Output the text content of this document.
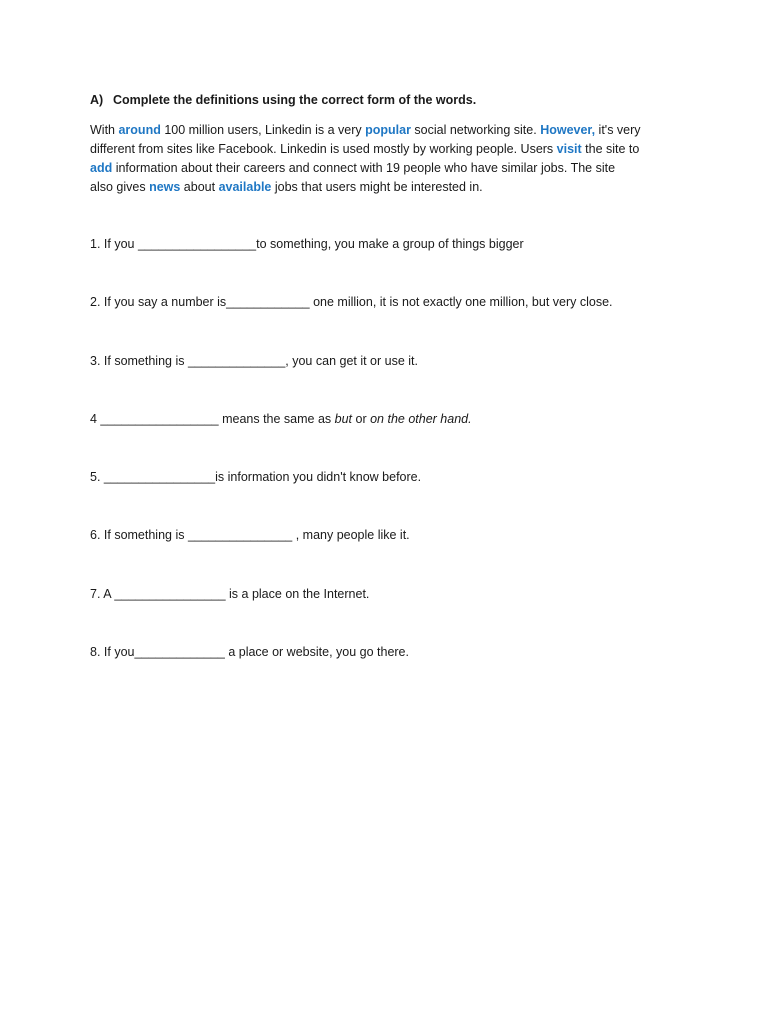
A) Complete the definitions using the correct form of the words.
With around 100 million users, Linkedin is a very popular social networking site. However, it's very
different from sites like Facebook. Linkedin is used mostly by working people. Users visit the site to
add information about their careers and connect with 19 people who have similar jobs. The site
also gives news about available jobs that users might be interested in.
1. If you _________________to something, you make a group of things bigger
2. If you say a number is____________ one million, it is not exactly one million, but very close.
3. If something is ______________, you can get it or use it.
4 _________________ means the same as but or on the other hand.
5. ________________is information you didn't know before.
6. If something is _______________ , many people like it.
7. A ________________ is a place on the Internet.
8. If you_____________ a place or website, you go there.
